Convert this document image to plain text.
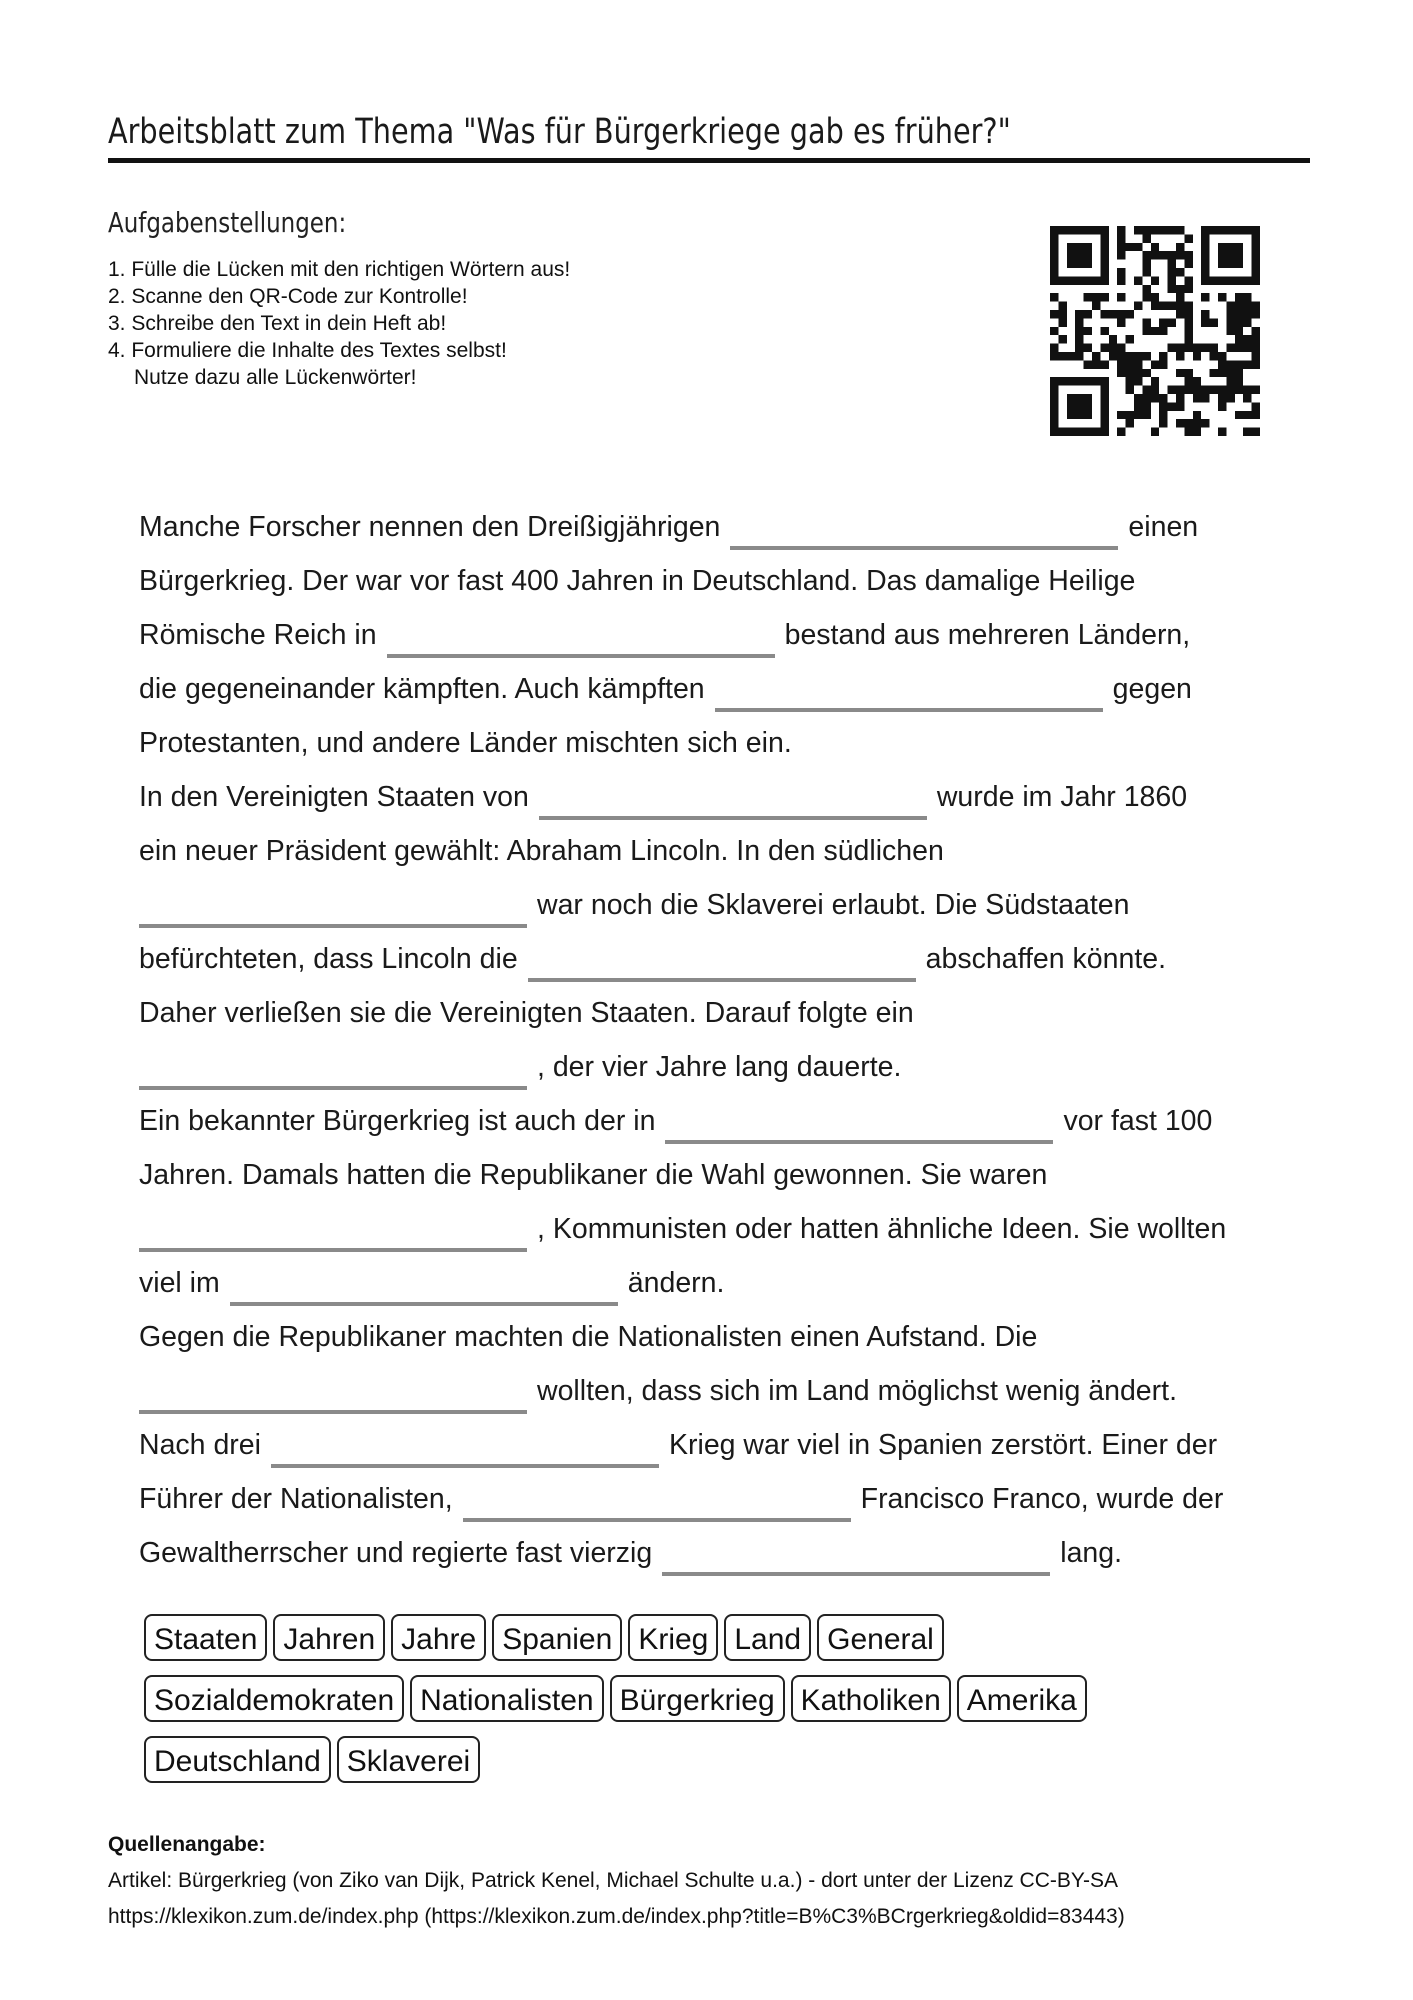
Arbeitsblatt zum Thema "Was für Bürgerkriege gab es früher?"
Aufgabenstellungen:
1. Fülle die Lücken mit den richtigen Wörtern aus!
2. Scanne den QR-Code zur Kontrolle!
3. Schreibe den Text in dein Heft ab!
4. Formuliere die Inhalte des Textes selbst!
Nutze dazu alle Lückenwörter!
Manche Forscher nennen den Dreißigjährigen	einen
Bürgerkrieg. Der war vor fast 400 Jahren in Deutschland. Das damalige Heilige
Römische Reich in	bestand aus mehreren Ländern,
die gegeneinander kämpften. Auch kämpften	gegen
Protestanten, und andere Länder mischten sich ein.
In den Vereinigten Staaten von	wurde im Jahr 1860
ein neuer Präsident gewählt: Abraham Lincoln. In den südlichen
war noch die Sklaverei erlaubt. Die Südstaaten
befürchteten, dass Lincoln die	abschaffen könnte.
Daher verließen sie die Vereinigten Staaten. Darauf folgte ein
, der vier Jahre lang dauerte.
Ein bekannter Bürgerkrieg ist auch der in	vor fast 100
Jahren. Damals hatten die Republikaner die Wahl gewonnen. Sie waren
, Kommunisten oder hatten ähnliche Ideen. Sie wollten
viel im	ändern.
Gegen die Republikaner machten die Nationalisten einen Aufstand. Die
wollten, dass sich im Land möglichst wenig ändert.
Nach drei	Krieg war viel in Spanien zerstört. Einer der
Führer der Nationalisten,	Francisco Franco, wurde der
Gewaltherrscher und regierte fast vierzig	lang.
Staaten Jahren Jahre Spanien Krieg Land General
Sozialdemokraten Nationalisten Bürgerkrieg Katholiken Amerika
Deutschland Sklaverei
Quellenangabe:
Artikel: Bürgerkrieg (von Ziko van Dijk, Patrick Kenel, Michael Schulte u.a.) - dort unter der Lizenz CC-BY-SA
https://klexikon.zum.de/index.php (https://klexikon.zum.de/index.php?title=B%C3%BCrgerkrieg&oldid=83443)
